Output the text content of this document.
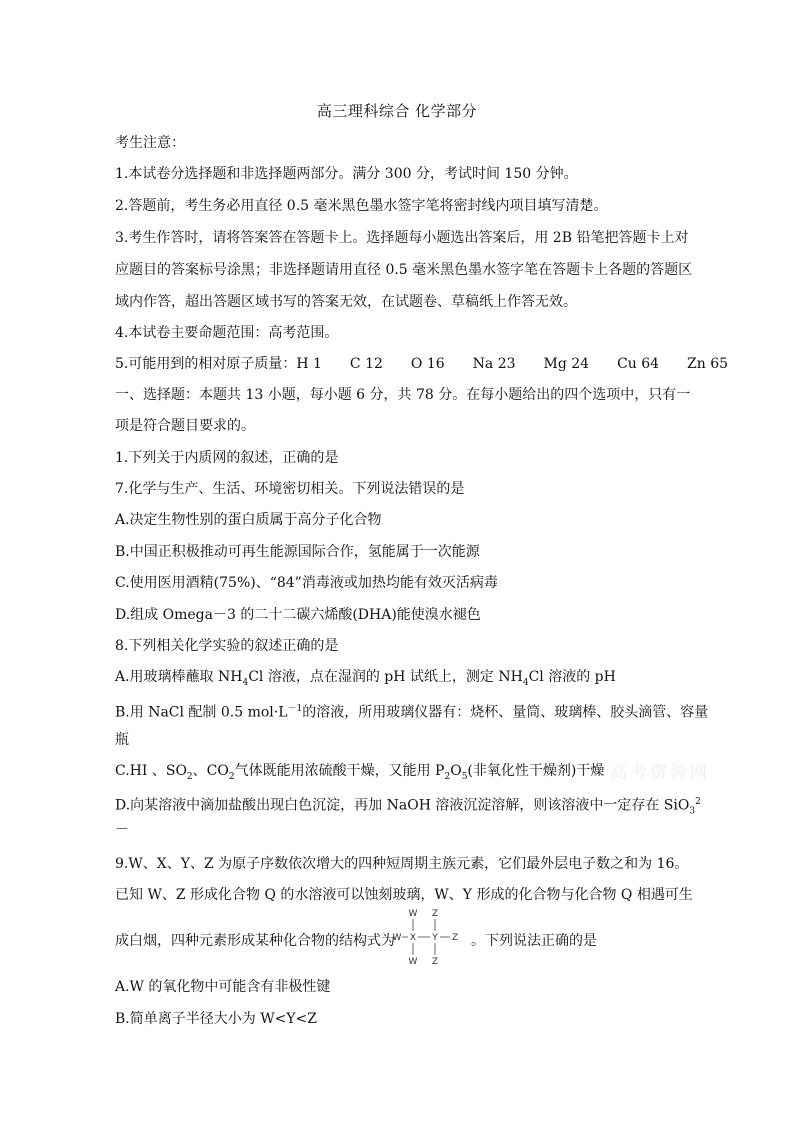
高三理科综合 化学部分
考生注意：
1.本试卷分选择题和非选择题两部分。满分 300 分，考试时间 150 分钟。
2.答题前，考生务必用直径 0.5 毫米黑色墨水签字笔将密封线内项目填写清楚。
3.考生作答时，请将答案答在答题卡上。选择题每小题选出答案后，用 2B 铅笔把答题卡上对
应题目的答案标号涂黑；非选择题请用直径 0.5 毫米黑色墨水签字笔在答题卡上各题的答题区
域内作答，超出答题区域书写的答案无效，在试题卷、草稿纸上作答无效。
4.本试卷主要命题范围：高考范围。
5.可能用到的相对原子质量：H 1　　C 12　　O 16　　Na 23　　Mg 24　　Cu 64　　Zn 65
一、选择题：本题共 13 小题，每小题 6 分，共 78 分。在每小题给出的四个选项中，只有一
项是符合题目要求的。
1.下列关于内质网的叙述，正确的是
7.化学与生产、生活、环境密切相关。下列说法错误的是
A.决定生物性别的蛋白质属于高分子化合物
B.中国正积极推动可再生能源国际合作，氢能属于一次能源
C.使用医用酒精(75%)、“84”消毒液或加热均能有效灭活病毒
D.组成 Omega－3 的二十二碳六烯酸(DHA)能使溴水褪色
8.下列相关化学实验的叙述正确的是
A.用玻璃棒蘸取 $NH_4Cl$ 溶液，点在湿润的 pH 试纸上，测定 $NH_4Cl$ 溶液的 pH
B.用 NaCl 配制 0.5 $mol\cdot L^{-1}$的溶液，所用玻璃仪器有：烧杯、量筒、玻璃棒、胶头滴管、容量
瓶
C.HI 、$SO_2$、$CO_2$气体既能用浓硫酸干燥，又能用 $P_2O_5$(非氧化性干燥剂)干燥 高考资源网
D.向某溶液中滴加盐酸出现白色沉淀，再加 NaOH 溶液沉淀溶解，则该溶液中一定存在 SiO$_3^2$
－
9.W、X、Y、Z 为原子序数依次增大的四种短周期主族元素，它们最外层电子数之和为 16。
已知 W、Z 形成化合物 Q 的水溶液可以蚀刻玻璃，W、Y 形成的化合物与化合物 Q 相遇可生
成白烟，四种元素形成某种化合物的结构式为	。下列说法正确的是
W Z
W X Y Z
W Z
A.W 的氧化物中可能含有非极性键
B.简单离子半径大小为 W<Y<Z
